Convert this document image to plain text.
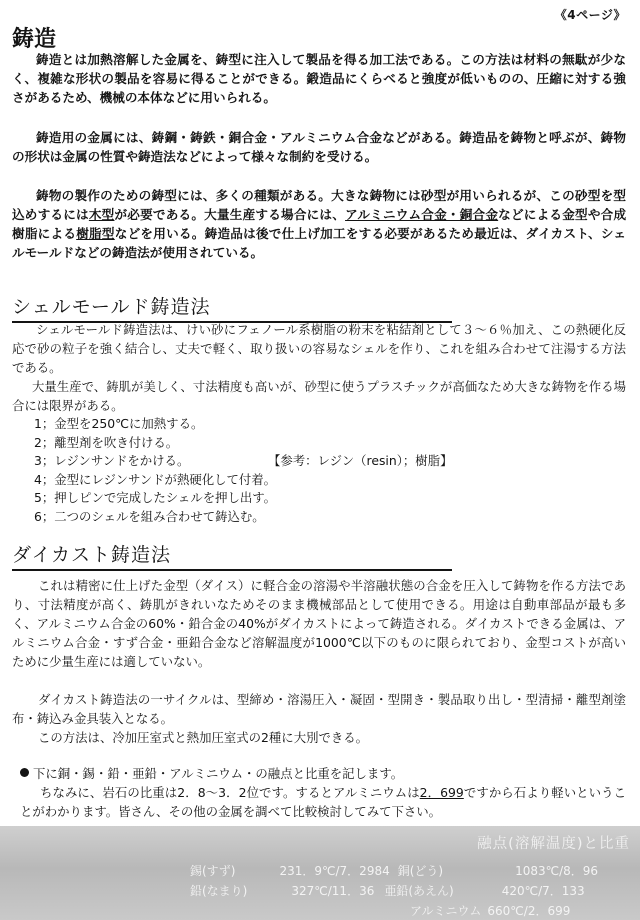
《4ページ》
鋳造

鋳造とは加熱溶解した金属を、鋳型に注入して製品を得る加工法である。この方法は材料の無駄が少なく、複雑な形状の製品を容易に得ることができる。鍛造品にくらべると強度が低いものの、圧縮に対する強さがあるため、機械の本体などに用いられる。

鋳造用の金属には、鋳鋼・鋳鉄・銅合金・アルミニウム合金などがある。鋳造品を鋳物と呼ぶが、鋳物の形状は金属の性質や鋳造法などによって様々な制約を受ける。

鋳物の製作のための鋳型には、多くの種類がある。大きな鋳物には砂型が用いられるが、この砂型を型込めするには木型が必要である。大量生産する場合には、アルミニウム合金・銅合金などによる金型や合成樹脂による樹脂型などを用いる。鋳造品は後で仕上げ加工をする必要があるため最近は、ダイカスト、シェルモールドなどの鋳造法が使用されている。

シェルモールド鋳造法

シェルモールド鋳造法は、けい砂にフェノール系樹脂の粉末を粘結剤として３～６％加え、この熱硬化反応で砂の粒子を強く結合し、丈夫で軽く、取り扱いの容易なシェルを作り、これを組み合わせて注湯する方法である。

大量生産で、鋳肌が美しく、寸法精度も高いが、砂型に使うプラスチックが高価なため大きな鋳物を作る場合には限界がある。

1；金型を250℃に加熱する。
2；離型剤を吹き付ける。
3；レジンサンドをかける。
4；金型にレジンサンドが熱硬化して付着。
5；押しピンで完成したシェルを押し出す。
6；二つのシェルを組み合わせて鋳込む。
【参考：レジン（resin）；樹脂】
ダイカスト鋳造法

これは精密に仕上げた金型（ダイス）に軽合金の溶湯や半溶融状態の合金を圧入して鋳物を作る方法であり、寸法精度が高く、鋳肌がきれいなためそのまま機械部品として使用できる。用途は自動車部品が最も多く、アルミニウム合金の60%・鉛合金の40%がダイカストによって鋳造される。ダイカストできる金属は、アルミニウム合金・すず合金・亜鉛合金など溶解温度が1000℃以下のものに限られており、金型コストが高いために少量生産には適していない。

ダイカスト鋳造法の一サイクルは、型締め・溶湯圧入・凝固・型開き・製品取り出し・型清掃・離型剤塗布・鋳込み金具装入となる。

この方法は、冷加圧室式と熱加圧室式の2種に大別できる。

下に銅・錫・鉛・亜鉛・アルミニウム・の融点と比重を記します。

ちなみに、岩石の比重は2．8～3．2位です。するとアルミニウムは2．699ですから石より軽いということがわかります。皆さん、その他の金属を調べて比較検討してみて下さい。

融点(溶解温度)と比重
錫(すず)	231．9℃/7．2984 銅(どう)	1083℃/8．96
鉛(なまり)	327℃/11．36 亜鉛(あえん)	420℃/7．133
アルミニウム 660℃/2．699
